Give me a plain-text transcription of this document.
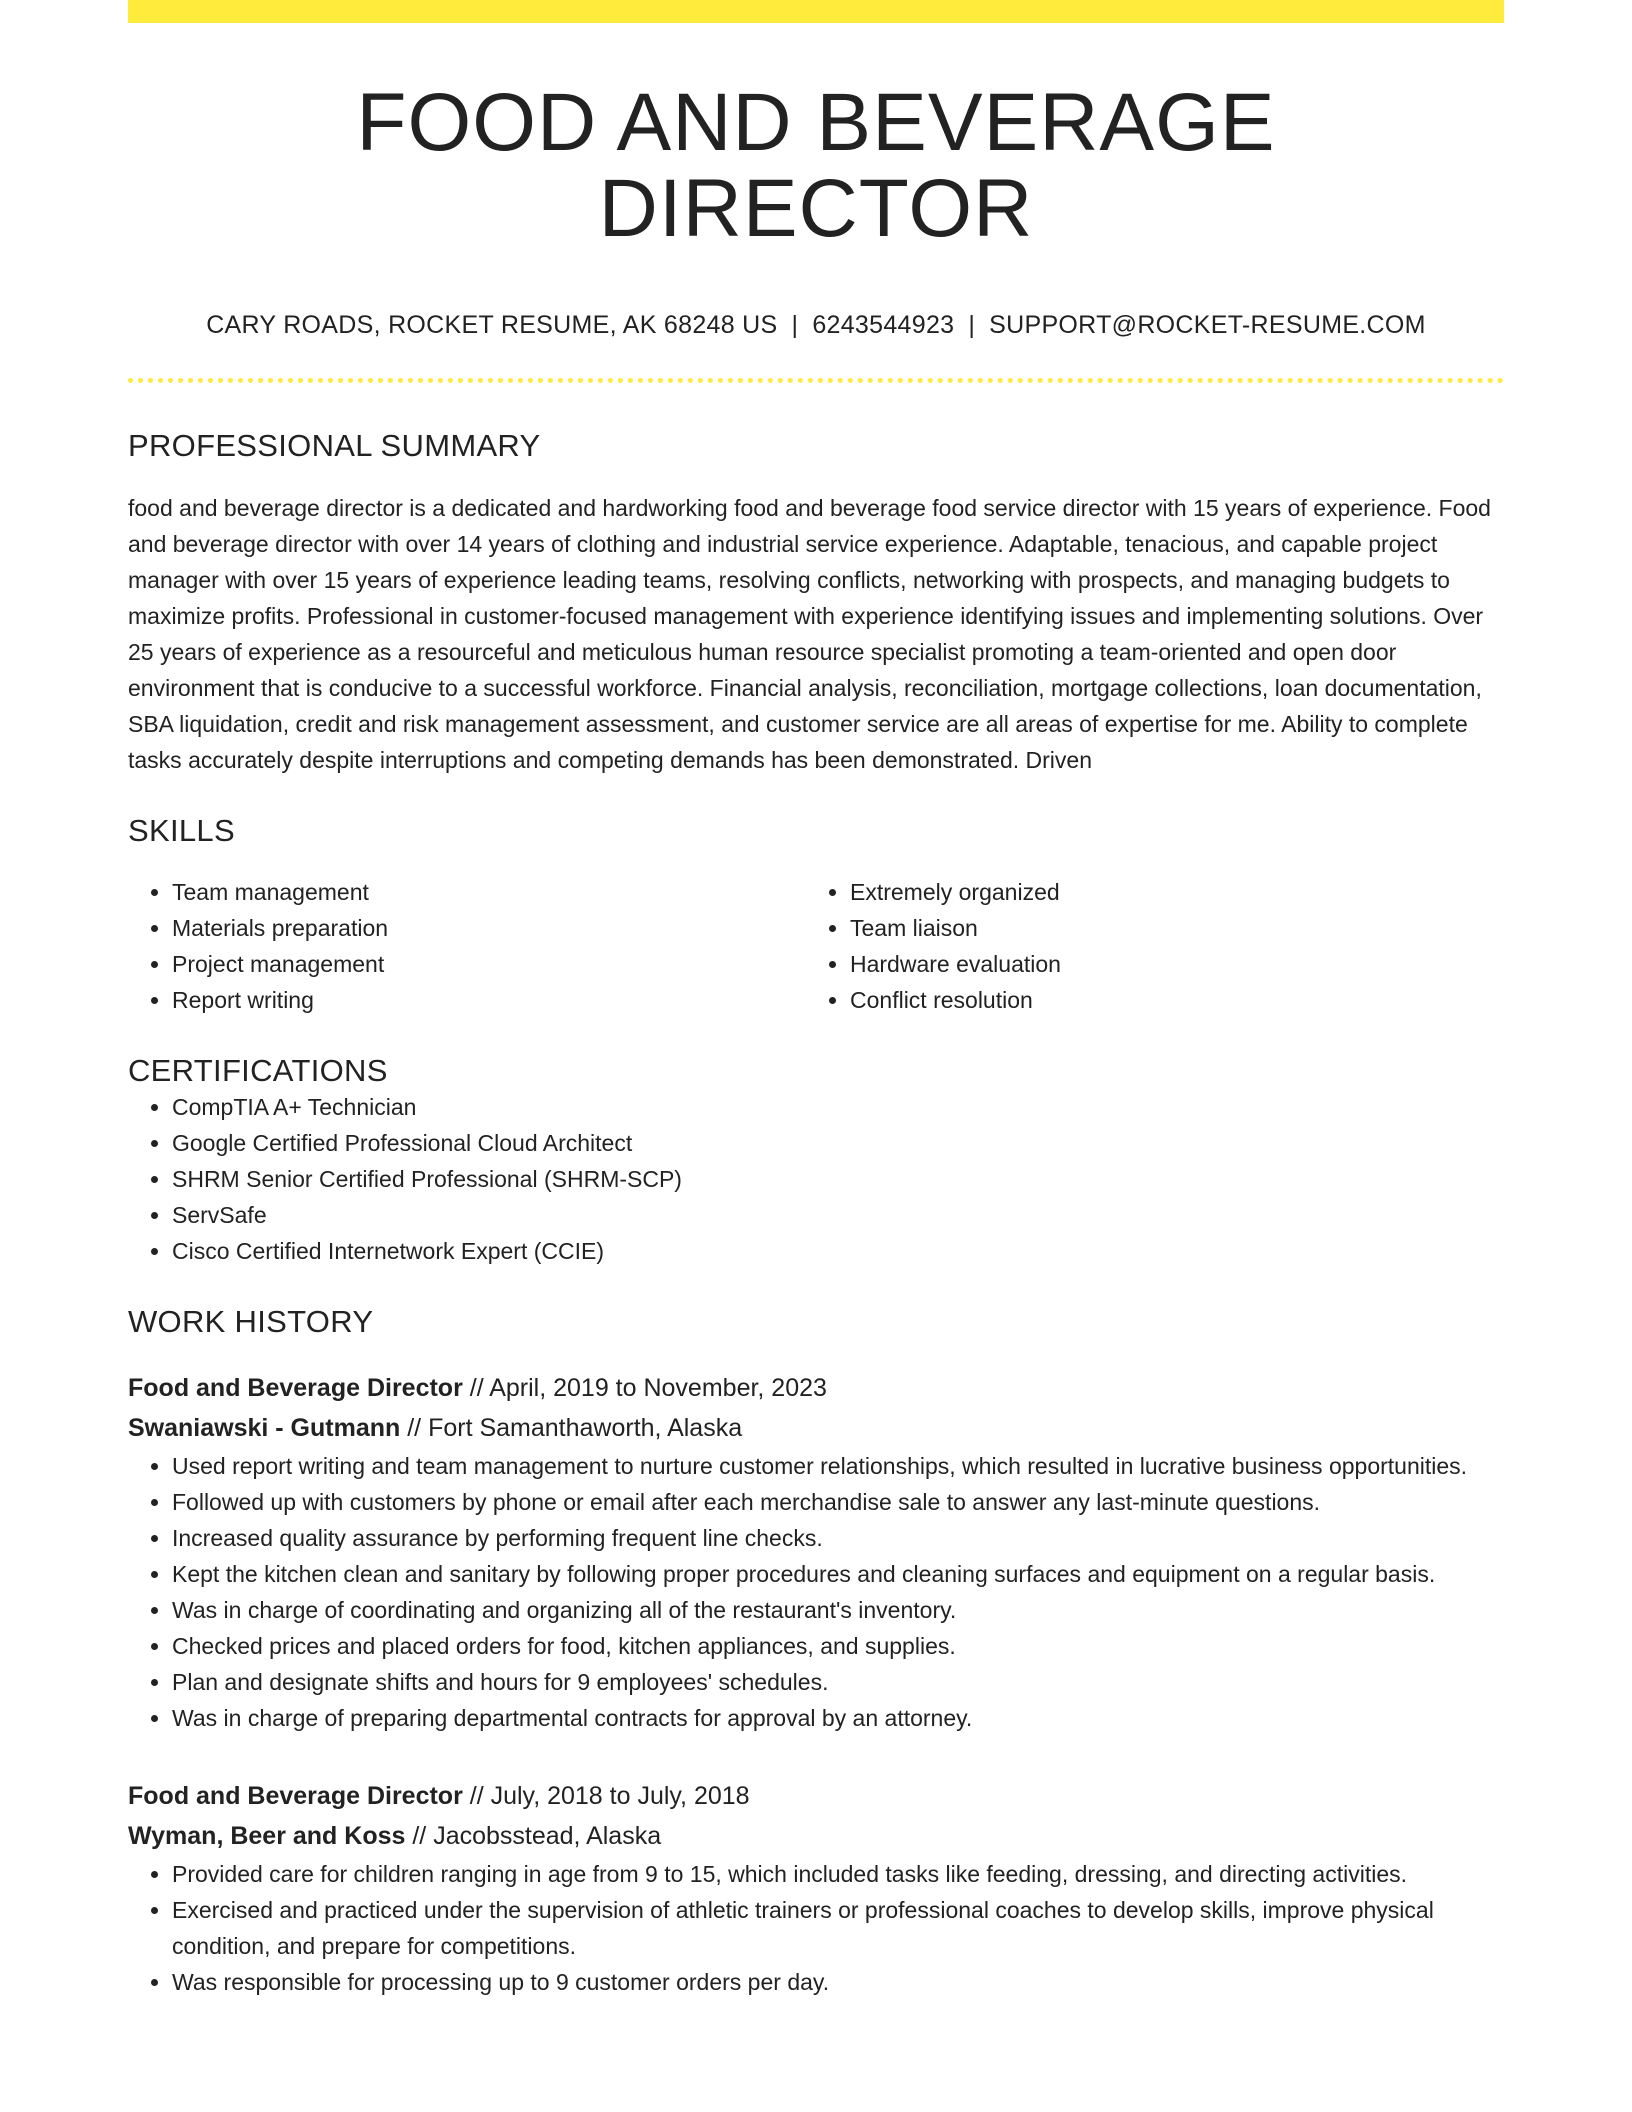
FOOD AND BEVERAGE DIRECTOR
CARY ROADS, ROCKET RESUME, AK 68248 US | 6243544923 | SUPPORT@ROCKET-RESUME.COM
PROFESSIONAL SUMMARY

food and beverage director is a dedicated and hardworking food and beverage food service director with 15 years of experience. Food and beverage director with over 14 years of clothing and industrial service experience. Adaptable, tenacious, and capable project manager with over 15 years of experience leading teams, resolving conflicts, networking with prospects, and managing budgets to maximize profits. Professional in customer-focused management with experience identifying issues and implementing solutions. Over 25 years of experience as a resourceful and meticulous human resource specialist promoting a team-oriented and open door environment that is conducive to a successful workforce. Financial analysis, reconciliation, mortgage collections, loan documentation, SBA liquidation, credit and risk management assessment, and customer service are all areas of expertise for me. Ability to complete tasks accurately despite interruptions and competing demands has been demonstrated. Driven

SKILLS
• Team management
• Materials preparation
• Project management
• Report writing
• Extremely organized
• Team liaison
• Hardware evaluation
• Conflict resolution
CERTIFICATIONS
• CompTIA A+ Technician
• Google Certified Professional Cloud Architect
• SHRM Senior Certified Professional (SHRM-SCP)
• ServSafe
• Cisco Certified Internetwork Expert (CCIE)
WORK HISTORY
Food and Beverage Director // April, 2019 to November, 2023
Swaniawski - Gutmann // Fort Samanthaworth, Alaska
• Used report writing and team management to nurture customer relationships, which resulted in lucrative business opportunities.
• Followed up with customers by phone or email after each merchandise sale to answer any last-minute questions.
• Increased quality assurance by performing frequent line checks.
• Kept the kitchen clean and sanitary by following proper procedures and cleaning surfaces and equipment on a regular basis.
• Was in charge of coordinating and organizing all of the restaurant's inventory.
• Checked prices and placed orders for food, kitchen appliances, and supplies.
• Plan and designate shifts and hours for 9 employees' schedules.
• Was in charge of preparing departmental contracts for approval by an attorney.
Food and Beverage Director // July, 2018 to July, 2018
Wyman, Beer and Koss // Jacobsstead, Alaska
• Provided care for children ranging in age from 9 to 15, which included tasks like feeding, dressing, and directing activities.
• Exercised and practiced under the supervision of athletic trainers or professional coaches to develop skills, improve physical condition, and prepare for competitions.
• Was responsible for processing up to 9 customer orders per day.
